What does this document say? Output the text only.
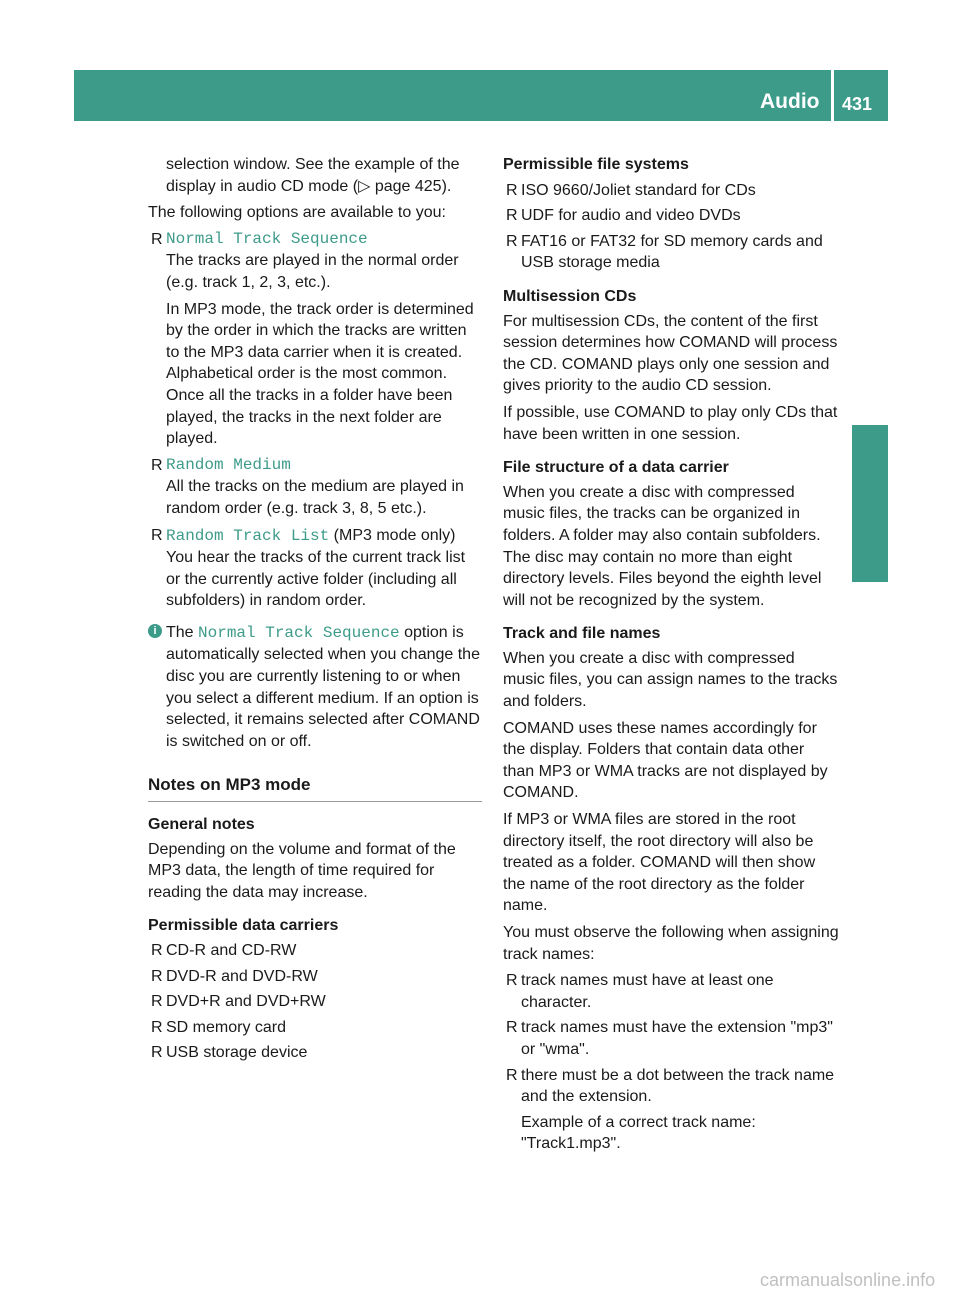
Audio 431
COMAND

selection window. See the example of the display in audio CD mode (▷ page 425).

The following options are available to you:

R Normal Track Sequence

The tracks are played in the normal order (e.g. track 1, 2, 3, etc.).

In MP3 mode, the track order is determined by the order in which the tracks are written to the MP3 data carrier when it is created. Alphabetical order is the most common. Once all the tracks in a folder have been played, the tracks in the next folder are played.

R Random Medium

All the tracks on the medium are played in random order (e.g. track 3, 8, 5 etc.).

R Random Track List (MP3 mode only)

You hear the tracks of the current track list or the currently active folder (including all subfolders) in random order.

i The Normal Track Sequence option is automatically selected when you change the disc you are currently listening to or when you select a different medium. If an option is selected, it remains selected after COMAND is switched on or off.
Notes on MP3 mode
General notes

Depending on the volume and format of the MP3 data, the length of time required for reading the data may increase.

Permissible data carriers
R CD-R and CD-RW
R DVD-R and DVD-RW
R DVD+R and DVD+RW
R SD memory card
R USB storage device
Permissible file systems
R ISO 9660/Joliet standard for CDs
R UDF for audio and video DVDs
R FAT16 or FAT32 for SD memory cards and USB storage media
Multisession CDs

For multisession CDs, the content of the first session determines how COMAND will process the CD. COMAND plays only one session and gives priority to the audio CD session.

If possible, use COMAND to play only CDs that have been written in one session.

File structure of a data carrier

When you create a disc with compressed music files, the tracks can be organized in folders. A folder may also contain subfolders. The disc may contain no more than eight directory levels. Files beyond the eighth level will not be recognized by the system.

Track and file names

When you create a disc with compressed music files, you can assign names to the tracks and folders.

COMAND uses these names accordingly for the display. Folders that contain data other than MP3 or WMA tracks are not displayed by COMAND.

If MP3 or WMA files are stored in the root directory itself, the root directory will also be treated as a folder. COMAND will then show the name of the root directory as the folder name.

You must observe the following when assigning track names:

R track names must have at least one character.
R track names must have the extension "mp3" or "wma".
R there must be a dot between the track name and the extension.
Example of a correct track name:
"Track1.mp3".
carmanualsonline.info
